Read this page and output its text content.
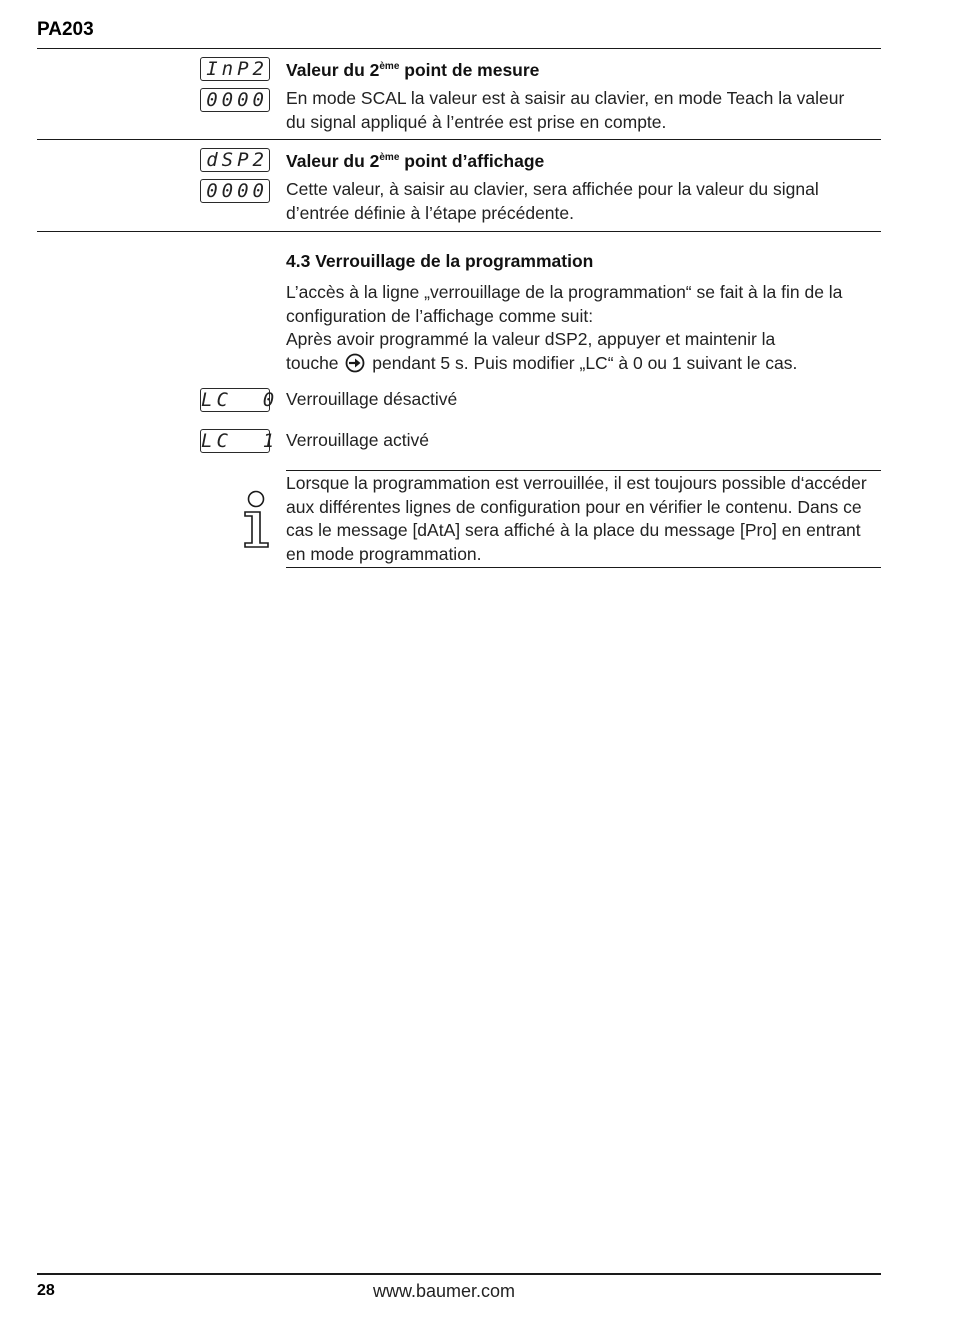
PA203
InP2
0000
Valeur du 2ème point de mesure
En mode SCAL la valeur est à saisir au clavier, en mode Teach la valeur du signal appliqué à l’entrée est prise en compte.
dSP2
0000
Valeur du 2ème point d’affichage
Cette valeur, à saisir au clavier, sera affichée pour la valeur du signal d’entrée définie à l’étape précédente.
4.3 Verrouillage de la programmation
L’accès à la ligne „verrouillage de la programmation“ se fait à la fin de la configuration de l’affichage comme suit:
Après avoir programmé la valeur dSP2, appuyer et maintenir la
touche pendant 5 s. Puis modifier „LC“ à 0 ou 1 suivant le cas.
LC  0 Verrouillage désactivé
LC  1 Verrouillage activé
Lorsque la programmation est verrouillée, il est toujours possible d‘accéder aux différentes lignes de configuration pour en vérifier le contenu. Dans ce cas le message [dAtA] sera affiché à la place du message [Pro] en entrant en mode programmation.
28	www.baumer.com
